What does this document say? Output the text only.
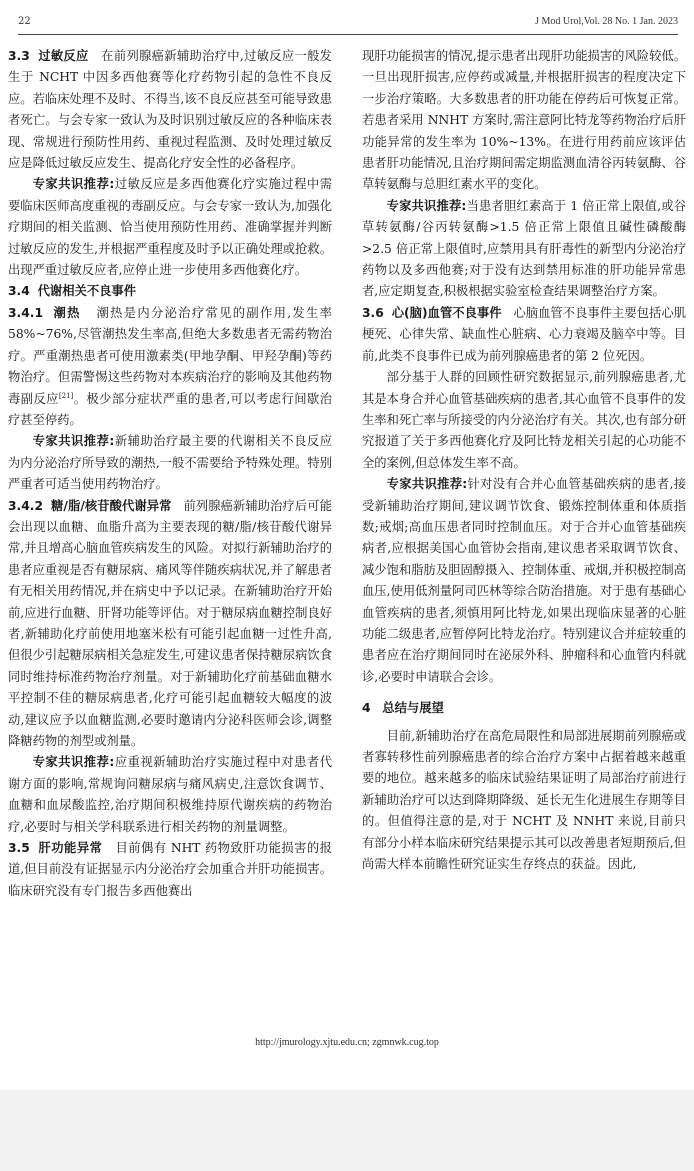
22	J Mod Urol,Vol. 28 No. 1 Jan. 2023

3.3 过敏反应 在前列腺癌新辅助治疗中,过敏反应一般发生于 NCHT 中因多西他赛等化疗药物引起的急性不良反应。若临床处理不及时、不得当,该不良反应甚至可能导致患者死亡。与会专家一致认为及时识别过敏反应的各种临床表现、常规进行预防性用药、重视过程监测、及时处理过敏反应是降低过敏反应发生、提高化疗安全性的必备程序。

专家共识推荐:过敏反应是多西他赛化疗实施过程中需要临床医师高度重视的毒副反应。与会专家一致认为,加强化疗期间的相关监测、恰当使用预防性用药、准确掌握并判断过敏反应的发生,并根据严重程度及时予以正确处理或抢救。出现严重过敏反应者,应停止进一步使用多西他赛化疗。

3.4 代谢相关不良事件

3.4.1 潮热 潮热是内分泌治疗常见的副作用,发生率 58%~76%,尽管潮热发生率高,但绝大多数患者无需药物治疗。严重潮热患者可使用激素类(甲地孕酮、甲羟孕酮)等药物治疗。但需警惕这些药物对本疾病治疗的影响及其他药物毒副反应[21]。极少部分症状严重的患者,可以考虑行间歇治疗甚至停药。

专家共识推荐:新辅助治疗最主要的代谢相关不良反应为内分泌治疗所导致的潮热,一般不需要给予特殊处理。特别严重者可适当使用药物治疗。

3.4.2 糖/脂/核苷酸代谢异常 前列腺癌新辅助治疗后可能会出现以血糖、血脂升高为主要表现的糖/脂/核苷酸代谢异常,并且增高心脑血管疾病发生的风险。对拟行新辅助治疗的患者应重视是否有糖尿病、痛风等伴随疾病状况,并了解患者有无相关用药情况,并在病史中予以记录。在新辅助治疗开始前,应进行血糖、肝肾功能等评估。对于糖尿病血糖控制良好者,新辅助化疗前使用地塞米松有可能引起血糖一过性升高,但很少引起糖尿病相关急症发生,可建议患者保持糖尿病饮食同时维持标准药物治疗剂量。对于新辅助化疗前基础血糖水平控制不佳的糖尿病患者,化疗可能引起血糖较大幅度的波动,建议应予以血糖监测,必要时邀请内分泌科医师会诊,调整降糖药物的剂型或剂量。

专家共识推荐:应重视新辅助治疗实施过程中对患者代谢方面的影响,常规询问糖尿病与痛风病史,注意饮食调节、血糖和血尿酸监控,治疗期间积极维持原代谢疾病的药物治疗,必要时与相关学科联系进行相关药物的剂量调整。

3.5 肝功能异常 目前偶有 NHT 药物致肝功能损害的报道,但目前没有证据显示内分泌治疗会加重合并肝功能损害。临床研究没有专门报告多西他赛出

现肝功能损害的情况,提示患者出现肝功能损害的风险较低。一旦出现肝损害,应停药或减量,并根据肝损害的程度决定下一步治疗策略。大多数患者的肝功能在停药后可恢复正常。若患者采用 NNHT 方案时,需注意阿比特龙等药物治疗后肝功能异常的发生率为 10%~13%。在进行用药前应该评估患者肝功能情况,且治疗期间需定期监测血清谷丙转氨酶、谷草转氨酶与总胆红素水平的变化。

专家共识推荐:当患者胆红素高于 1 倍正常上限值,或谷草转氨酶/谷丙转氨酶>1.5 倍正常上限值且碱性磷酸酶>2.5 倍正常上限值时,应禁用具有肝毒性的新型内分泌治疗药物以及多西他赛;对于没有达到禁用标准的肝功能异常患者,应定期复查,积极根据实验室检查结果调整治疗方案。

3.6 心(脑)血管不良事件 心脑血管不良事件主要包括心肌梗死、心律失常、缺血性心脏病、心力衰竭及脑卒中等。目前,此类不良事件已成为前列腺癌患者的第 2 位死因。

部分基于人群的回顾性研究数据显示,前列腺癌患者,尤其是本身合并心血管基础疾病的患者,其心血管不良事件的发生率和死亡率与所接受的内分泌治疗有关。其次,也有部分研究报道了关于多西他赛化疗及阿比特龙相关引起的心功能不全的案例,但总体发生率不高。

专家共识推荐:针对没有合并心血管基础疾病的患者,接受新辅助治疗期间,建议调节饮食、锻炼控制体重和体质指数;戒烟;高血压患者同时控制血压。对于合并心血管基础疾病者,应根据美国心血管协会指南,建议患者采取调节饮食、减少饱和脂肪及胆固醇摄入、控制体重、戒烟,并积极控制高血压,使用低剂量阿司匹林等综合防治措施。对于患有基础心血管疾病的患者,须慎用阿比特龙,如果出现临床显著的心脏功能二级患者,应暂停阿比特龙治疗。特别建议合并症较重的患者应在治疗期间同时在泌尿外科、肿瘤科和心血管内科就诊,必要时申请联合会诊。

4 总结与展望

目前,新辅助治疗在高危局限性和局部进展期前列腺癌或者寡转移性前列腺癌患者的综合治疗方案中占据着越来越重要的地位。越来越多的临床试验结果证明了局部治疗前进行新辅助治疗可以达到降期降级、延长无生化进展生存期等目的。但值得注意的是,对于 NCHT 及 NNHT 来说,目前只有部分小样本临床研究结果提示其可以改善患者短期预后,但尚需大样本前瞻性研究证实生存终点的获益。因此,

http://jmurology.xjtu.edu.cn; zgmnwk.cug.top
